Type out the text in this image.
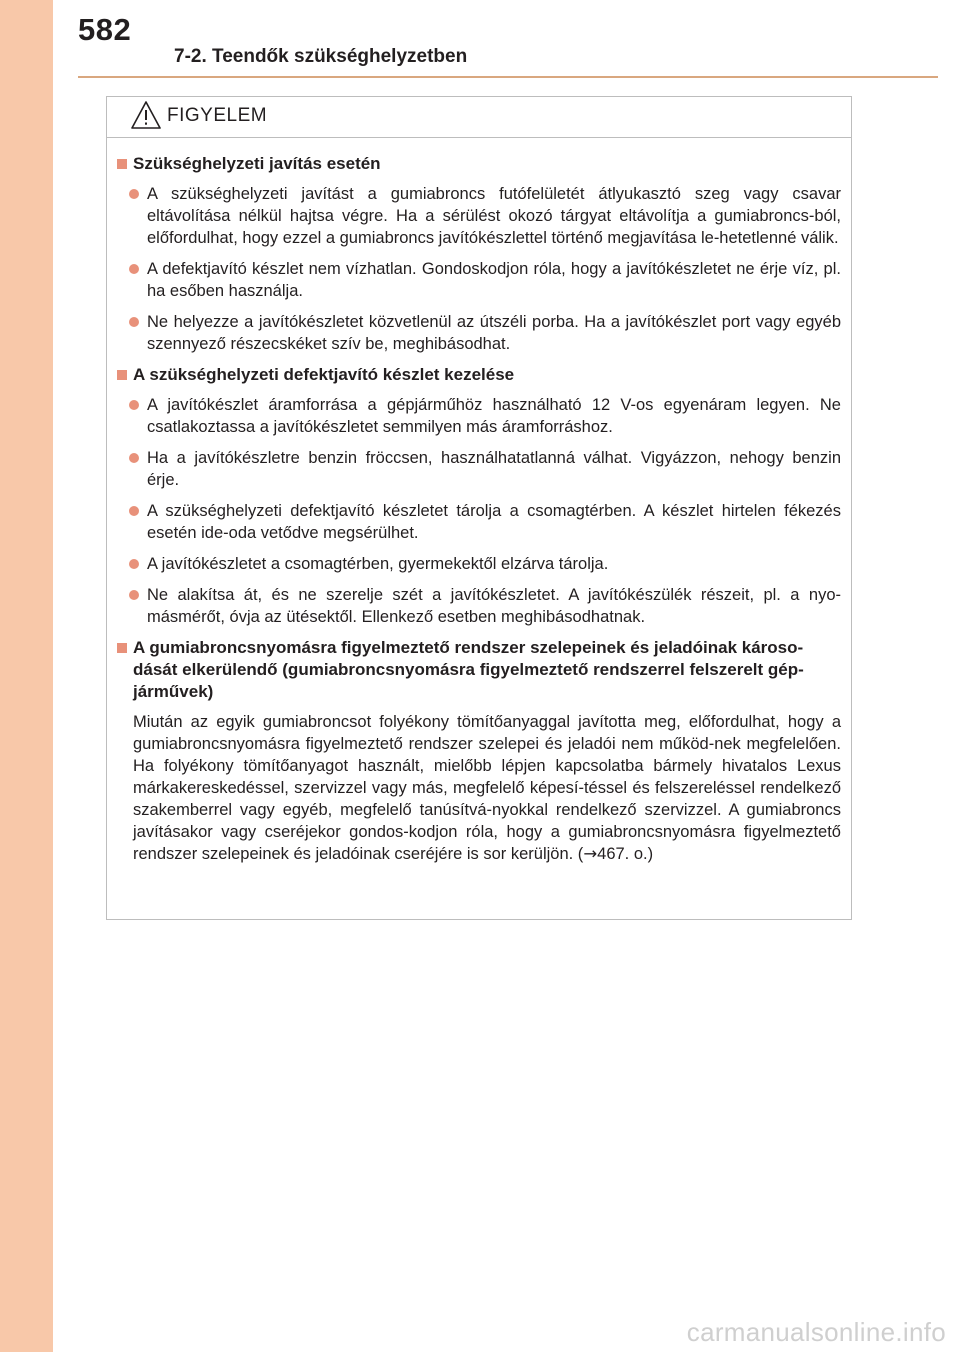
582
7-2. Teendők szükséghelyzetben
FIGYELEM
Szükséghelyzeti javítás esetén
A szükséghelyzeti javítást a gumiabroncs futófelületét átlyukasztó szeg vagy csavar eltávolítása nélkül hajtsa végre. Ha a sérülést okozó tárgyat eltávolítja a gumiabroncs-ból, előfordulhat, hogy ezzel a gumiabroncs javítókészlettel történő megjavítása le-hetetlenné válik.
A defektjavító készlet nem vízhatlan. Gondoskodjon róla, hogy a javítókészletet ne érje víz, pl. ha esőben használja.
Ne helyezze a javítókészletet közvetlenül az útszéli porba. Ha a javítókészlet port vagy egyéb szennyező részecskéket szív be, meghibásodhat.
A szükséghelyzeti defektjavító készlet kezelése
A javítókészlet áramforrása a gépjárműhöz használható 12 V-os egyenáram legyen. Ne csatlakoztassa a javítókészletet semmilyen más áramforráshoz.
Ha a javítókészletre benzin fröccsen, használhatatlanná válhat. Vigyázzon, nehogy benzin érje.
A szükséghelyzeti defektjavító készletet tárolja a csomagtérben. A készlet hirtelen fékezés esetén ide-oda vetődve megsérülhet.
A javítókészletet a csomagtérben, gyermekektől elzárva tárolja.
Ne alakítsa át, és ne szerelje szét a javítókészletet. A javítókészülék részeit, pl. a nyo-másmérőt, óvja az ütésektől. Ellenkező esetben meghibásodhatnak.
A gumiabroncsnyomásra figyelmeztető rendszer szelepeinek és jeladóinak károso-dását elkerülendő (gumiabroncsnyomásra figyelmeztető rendszerrel felszerelt gép-járművek)
Miután az egyik gumiabroncsot folyékony tömítőanyaggal javította meg, előfordulhat, hogy a gumiabroncsnyomásra figyelmeztető rendszer szelepei és jeladói nem működ-nek megfelelően. Ha folyékony tömítőanyagot használt, mielőbb lépjen kapcsolatba bármely hivatalos Lexus márkakereskedéssel, szervizzel vagy más, megfelelő képesí-téssel és felszereléssel rendelkező szakemberrel vagy egyéb, megfelelő tanúsítvá-nyokkal rendelkező szervizzel. A gumiabroncs javításakor vagy cseréjekor gondos-kodjon róla, hogy a gumiabroncsnyomásra figyelmeztető rendszer szelepeinek és jeladóinak cseréjére is sor kerüljön. (→467. o.)
carmanualsonline.info
